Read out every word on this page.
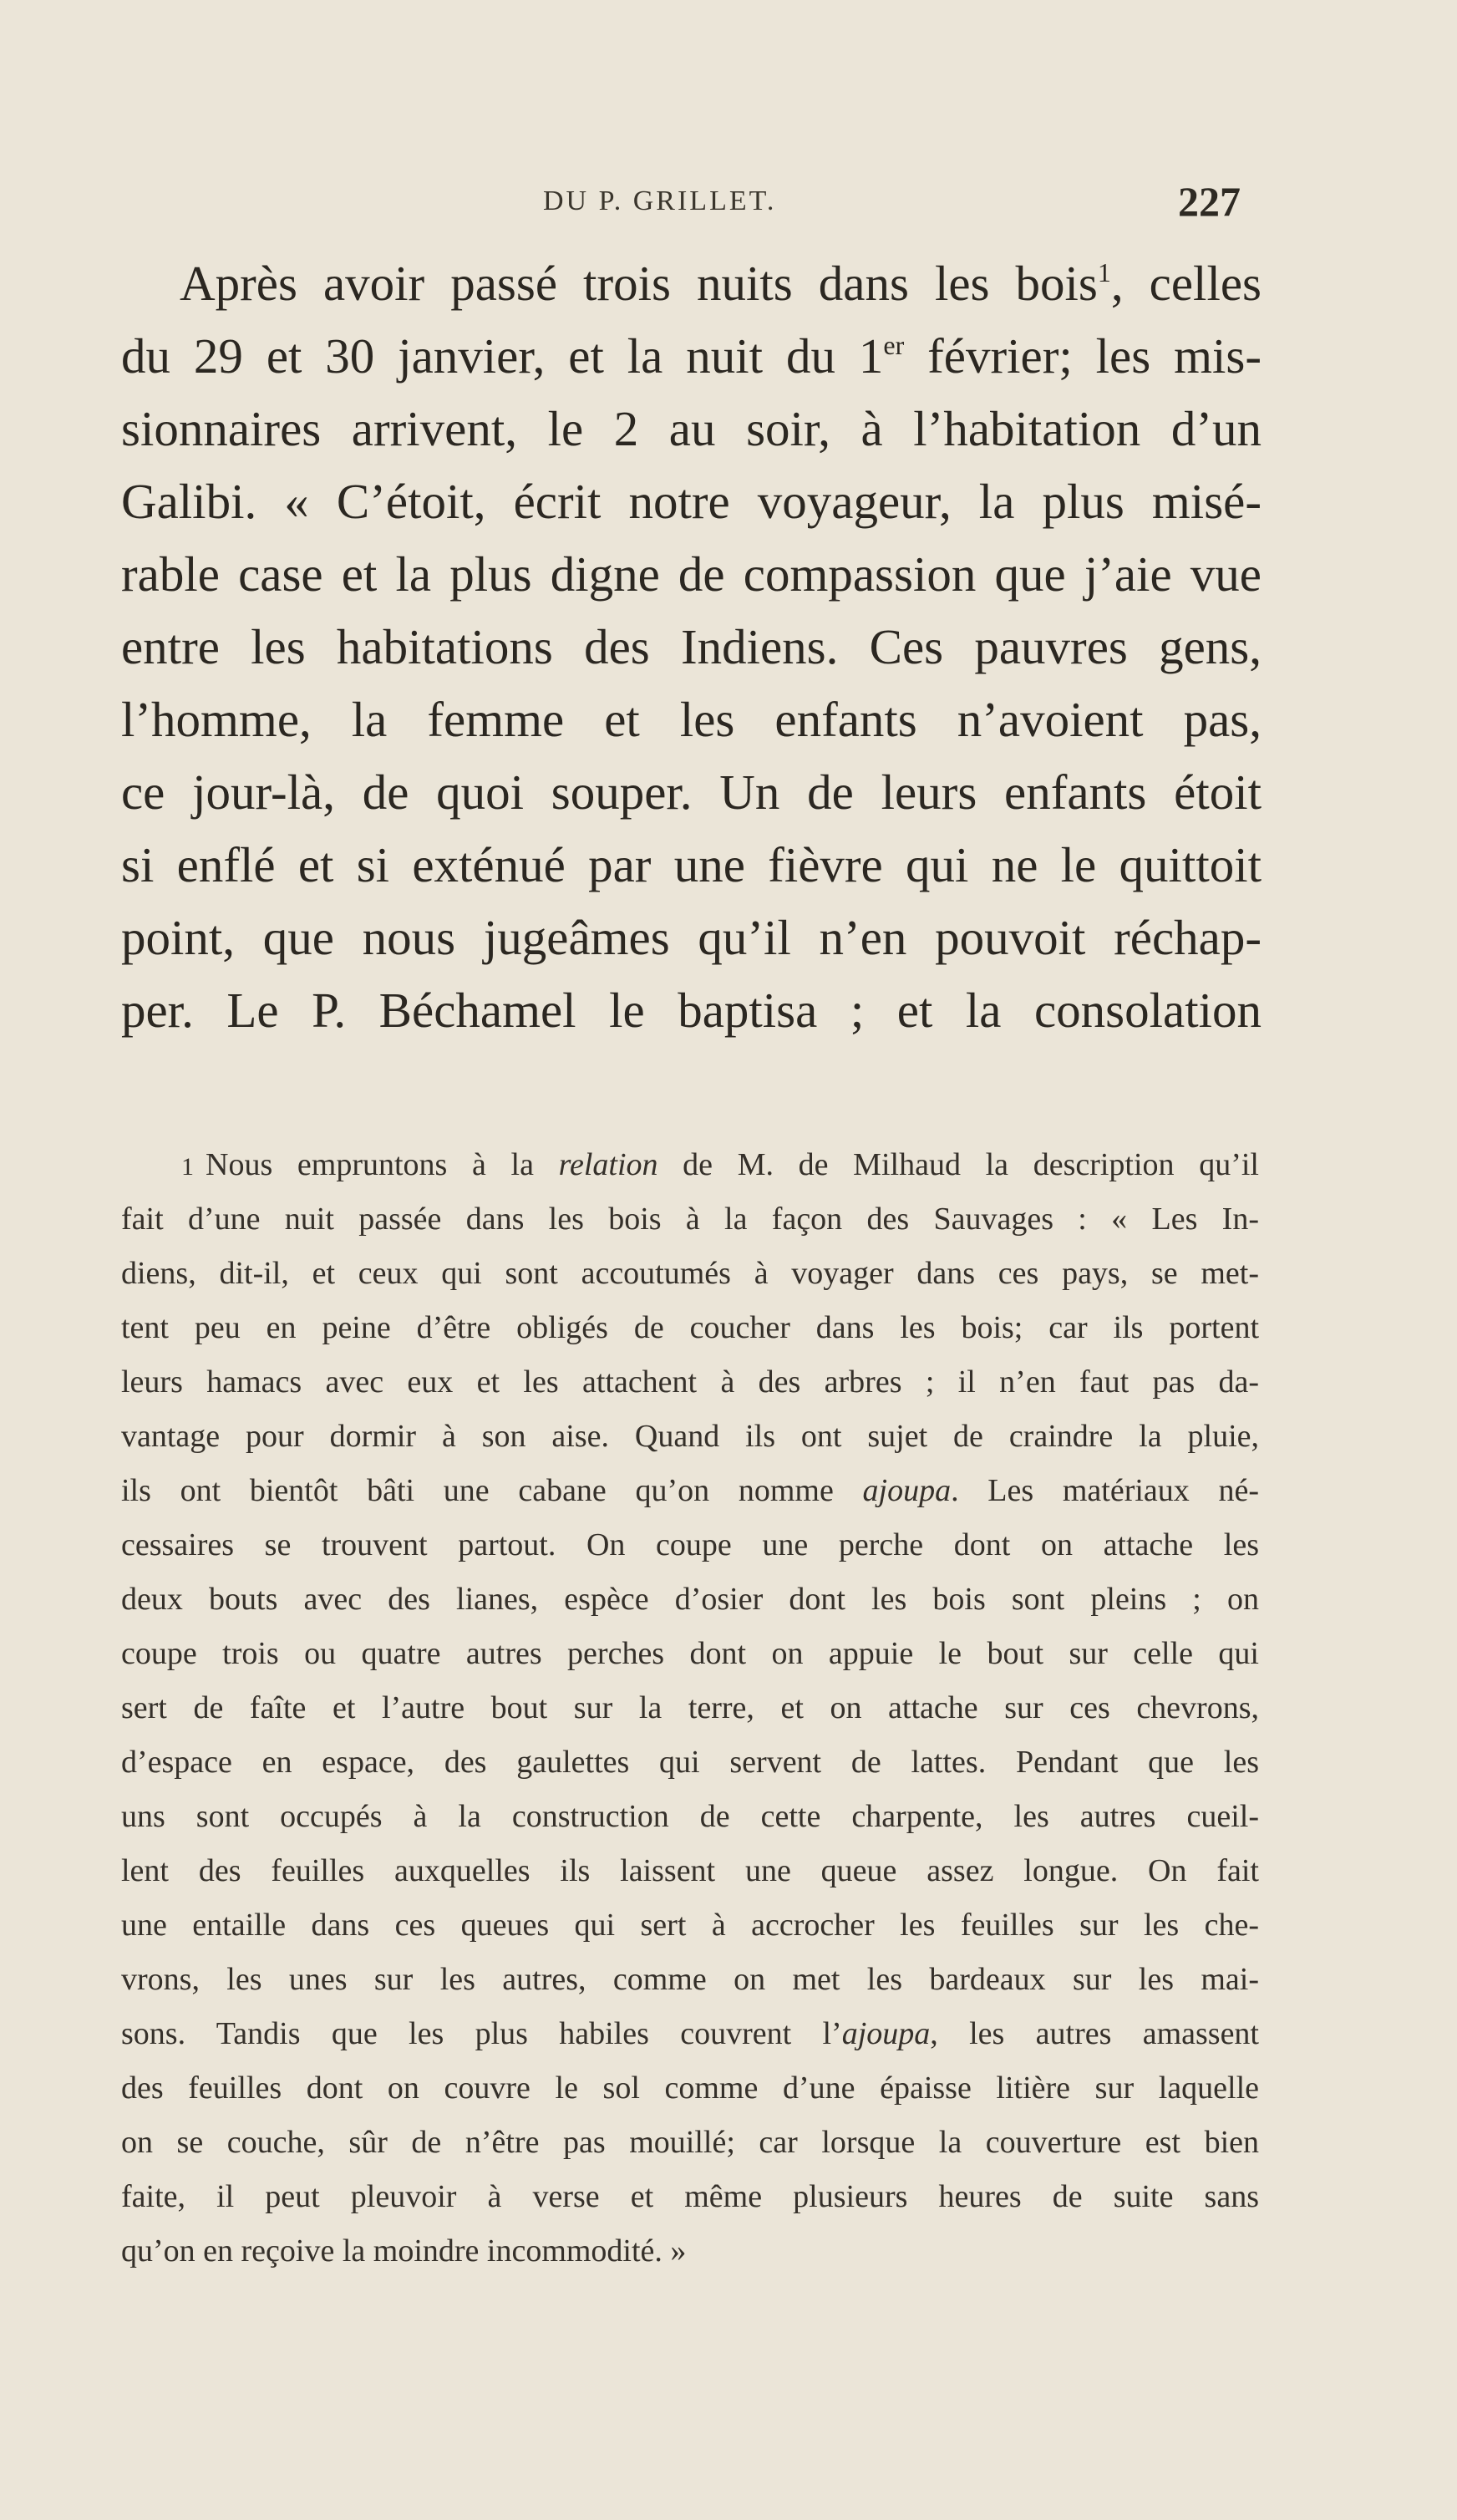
DU P. GRILLET.	227
Après avoir passé trois nuits dans les bois$^1$, celles
du 29 et 30 janvier, et la nuit du 1er février; les mis-
sionnaires arrivent, le 2 au soir, à l’habitation d’un
Galibi. « C’étoit, écrit notre voyageur, la plus misé-
rable case et la plus digne de compassion que j’aie vue
entre les habitations des Indiens. Ces pauvres gens,
l’homme, la femme et les enfants n’avoient pas,
ce jour-là, de quoi souper. Un de leurs enfants étoit
si enflé et si exténué par une fièvre qui ne le quittoit
point, que nous jugeâmes qu’il n’en pouvoit réchap-
per. Le P. Béchamel le baptisa ; et la consolation
1 Nous empruntons à la relation de M. de Milhaud la description qu’il
fait d’une nuit passée dans les bois à la façon des Sauvages : « Les In-
diens, dit-il, et ceux qui sont accoutumés à voyager dans ces pays, se met-
tent peu en peine d’être obligés de coucher dans les bois; car ils portent
leurs hamacs avec eux et les attachent à des arbres ; il n’en faut pas da-
vantage pour dormir à son aise. Quand ils ont sujet de craindre la pluie,
ils ont bientôt bâti une cabane qu’on nomme ajoupa. Les matériaux né-
cessaires se trouvent partout. On coupe une perche dont on attache les
deux bouts avec des lianes, espèce d’osier dont les bois sont pleins ; on
coupe trois ou quatre autres perches dont on appuie le bout sur celle qui
sert de faîte et l’autre bout sur la terre, et on attache sur ces chevrons,
d’espace en espace, des gaulettes qui servent de lattes. Pendant que les
uns sont occupés à la construction de cette charpente, les autres cueil-
lent des feuilles auxquelles ils laissent une queue assez longue. On fait
une entaille dans ces queues qui sert à accrocher les feuilles sur les che-
vrons, les unes sur les autres, comme on met les bardeaux sur les mai-
sons. Tandis que les plus habiles couvrent l’ajoupa, les autres amassent
des feuilles dont on couvre le sol comme d’une épaisse litière sur laquelle
on se couche, sûr de n’être pas mouillé; car lorsque la couverture est bien
faite, il peut pleuvoir à verse et même plusieurs heures de suite sans
qu’on en reçoive la moindre incommodité. »
